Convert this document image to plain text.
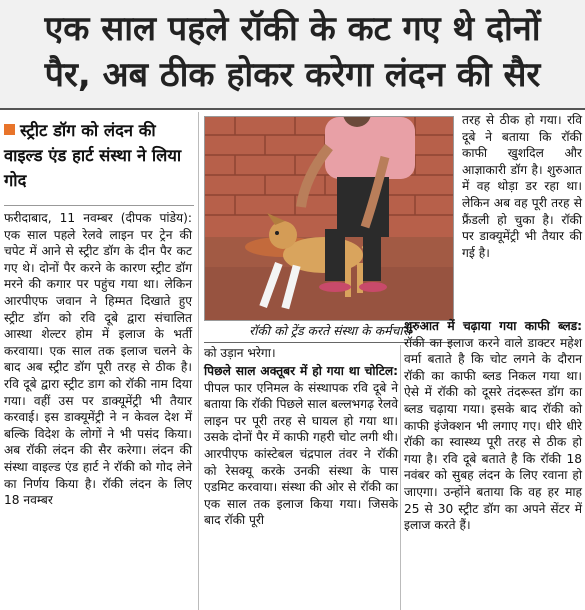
एक साल पहले रॉकी के कट गए थे दोनों
पैर, अब ठीक होकर करेगा लंदन की सैर
स्ट्रीट डॉग को लंदन की वाइल्ड एंड हार्ट संस्था ने लिया गोद

फरीदाबाद, 11 नवम्बर (दीपक पांडेय): एक साल पहले रेलवे लाइन पर ट्रेन की चपेट में आने से स्ट्रीट डॉग के दीन पैर कट गए थे। दोनों पैर करने के कारण स्ट्रीट डॉग मरने की कगार पर पहुंच गया था। लेकिन आरपीएफ जवान ने हिम्मत दिखाते हुए स्ट्रीट डॉग को रवि दूबे द्वारा संचालित आस्था शेल्टर होम में इलाज के भर्ती करवाया। एक साल तक इलाज चलने के बाद अब स्ट्रीट डॉग पूरी तरह से ठीक है। रवि दूबे द्वारा स्ट्रीट डाग को रॉकी नाम दिया गया। वहीं उस पर डाक्यूमेंट्री भी तैयार करवाई। इस डाक्यूमेंट्री ने न केवल देश में बल्कि विदेश के लोगों ने भी पसंद किया। अब रॉकी लंदन की सैर करेगा। लंदन की संस्था वाइल्ड एंड हार्ट ने रॉकी को गोद लेने का निर्णय किया है। रॉकी लंदन के लिए 18 नवम्बर

रॉकी को ट्रेंड करते संस्था के कर्मचारी

तरह से ठीक हो गया। रवि दूबे ने बताया कि रॉकी काफी खुशदिल और आज्ञाकारी डॉग है। शुरुआत में वह थोड़ा डर रहा था। लेकिन अब वह पूरी तरह से फ्रैंडली हो चुका है। रॉकी पर डाक्यूमेंट्री भी तैयार की गई है।

शुरुआत में चढ़ाया गया काफी ब्लड: रॉकी का इलाज करने वाले डाक्टर महेश वर्मा बताते है कि चोट लगने के दौरान रॉकी का काफी ब्लड निकल गया था। ऐसे में रॉकी को दूसरे तंदरूस्त डॉग का ब्लड चढ़ाया गया। इसके बाद रॉकी को काफी इंजेक्शन भी लगाए गए। धीरे धीरे रॉकी का स्वास्थ्य पूरी तरह से ठीक हो गया है। रवि दूबे बताते है कि रॉकी 18 नवंबर को सुबह लंदन के लिए रवाना हो जाएगा। उन्होंने बताया कि वह हर माह 25 से 30 स्ट्रीट डॉग का अपने सेंटर में इलाज करते हैं।

को उड़ान भरेगा।

पिछले साल अक्तूबर में हो गया था चोटिल: पीपल फार एनिमल के संस्थापक रवि दूबे ने बताया कि रॉकी पिछले साल बल्लभगढ़ रेलवे लाइन पर पूरी तरह से घायल हो गया था। उसके दोनों पैर में काफी गहरी चोट लगी थी। आरपीएफ कांस्टेबल चंद्रपाल तंवर ने रॉकी को रेसक्यू करके उनकी संस्था के पास एडमिट करवाया। संस्था की ओर से रॉकी का एक साल तक इलाज किया गया। जिसके बाद रॉकी पूरी
